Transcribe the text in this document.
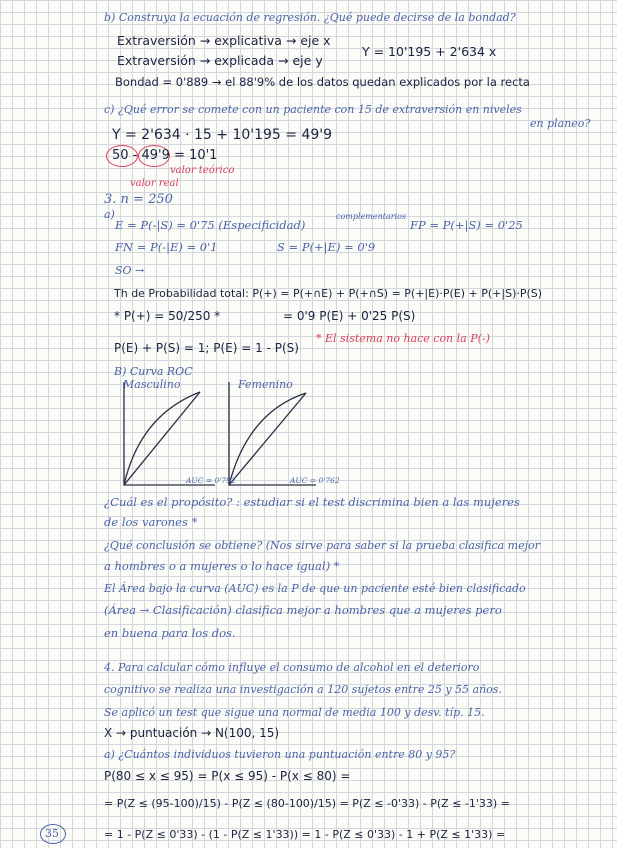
b) Construya la ecuación de regresión. ¿Qué puede decirse de la bondad?
Extraversión → explicativa → eje x
Y = 10'195 + 2'634 x
Extraversión → explicada → eje y
Bondad = 0'889 → el 88'9% de los datos quedan explicados por la recta
c) ¿Qué error se comete con un paciente con 15 de extraversión en niveles
en planeo?
Y = 2'634 · 15 + 10'195 = 49'9
50 - 49'9 = 10'1
valor teórico
valor real
3. n = 250
a)
E = P(-|S) = 0'75 (Especificidad)
complementarios
FP = P(+|S) = 0'25
FN = P(-|E) = 0'1	S = P(+|E) = 0'9
SO →
Th de Probabilidad total: P(+) = P(+∩E) + P(+∩S) = P(+|E)·P(E) + P(+|S)·P(S)
* P(+) = 50/250 *	= 0'9 P(E) + 0'25 P(S)
* El sistema no hace con la P(-)
P(E) + P(S) = 1; P(E) = 1 - P(S)
B) Curva ROC
Masculino	Femenino
AUC = 0'792	AUC = 0'762
¿Cuál es el propósito? : estudiar si el test discrimina bien a las mujeres
de los varones *
¿Qué conclusión se obtiene? (Nos sirve para saber si la prueba clasifica mejor
a hombres o a mujeres o lo hace igual) *
El Área bajo la curva (AUC) es la P de que un paciente esté bien clasificado
(Área → Clasificación) clasifica mejor a hombres que a mujeres pero
en buena para los dos.
4. Para calcular cómo influye el consumo de alcohol en el deterioro
cognitivo se realiza una investigación a 120 sujetos entre 25 y 55 años.
Se aplicó un test que sigue una normal de media 100 y desv. típ. 15.
X → puntuación → N(100, 15)
a) ¿Cuántos individuos tuvieron una puntuación entre 80 y 95?
P(80 ≤ x ≤ 95) = P(x ≤ 95) - P(x ≤ 80) =
= P(Z ≤ (95-100)/15) - P(Z ≤ (80-100)/15) = P(Z ≤ -0'33) - P(Z ≤ -1'33) =
= 1 - P(Z ≤ 0'33) - (1 - P(Z ≤ 1'33)) = 1 - P(Z ≤ 0'33) - 1 + P(Z ≤ 1'33) =
35
